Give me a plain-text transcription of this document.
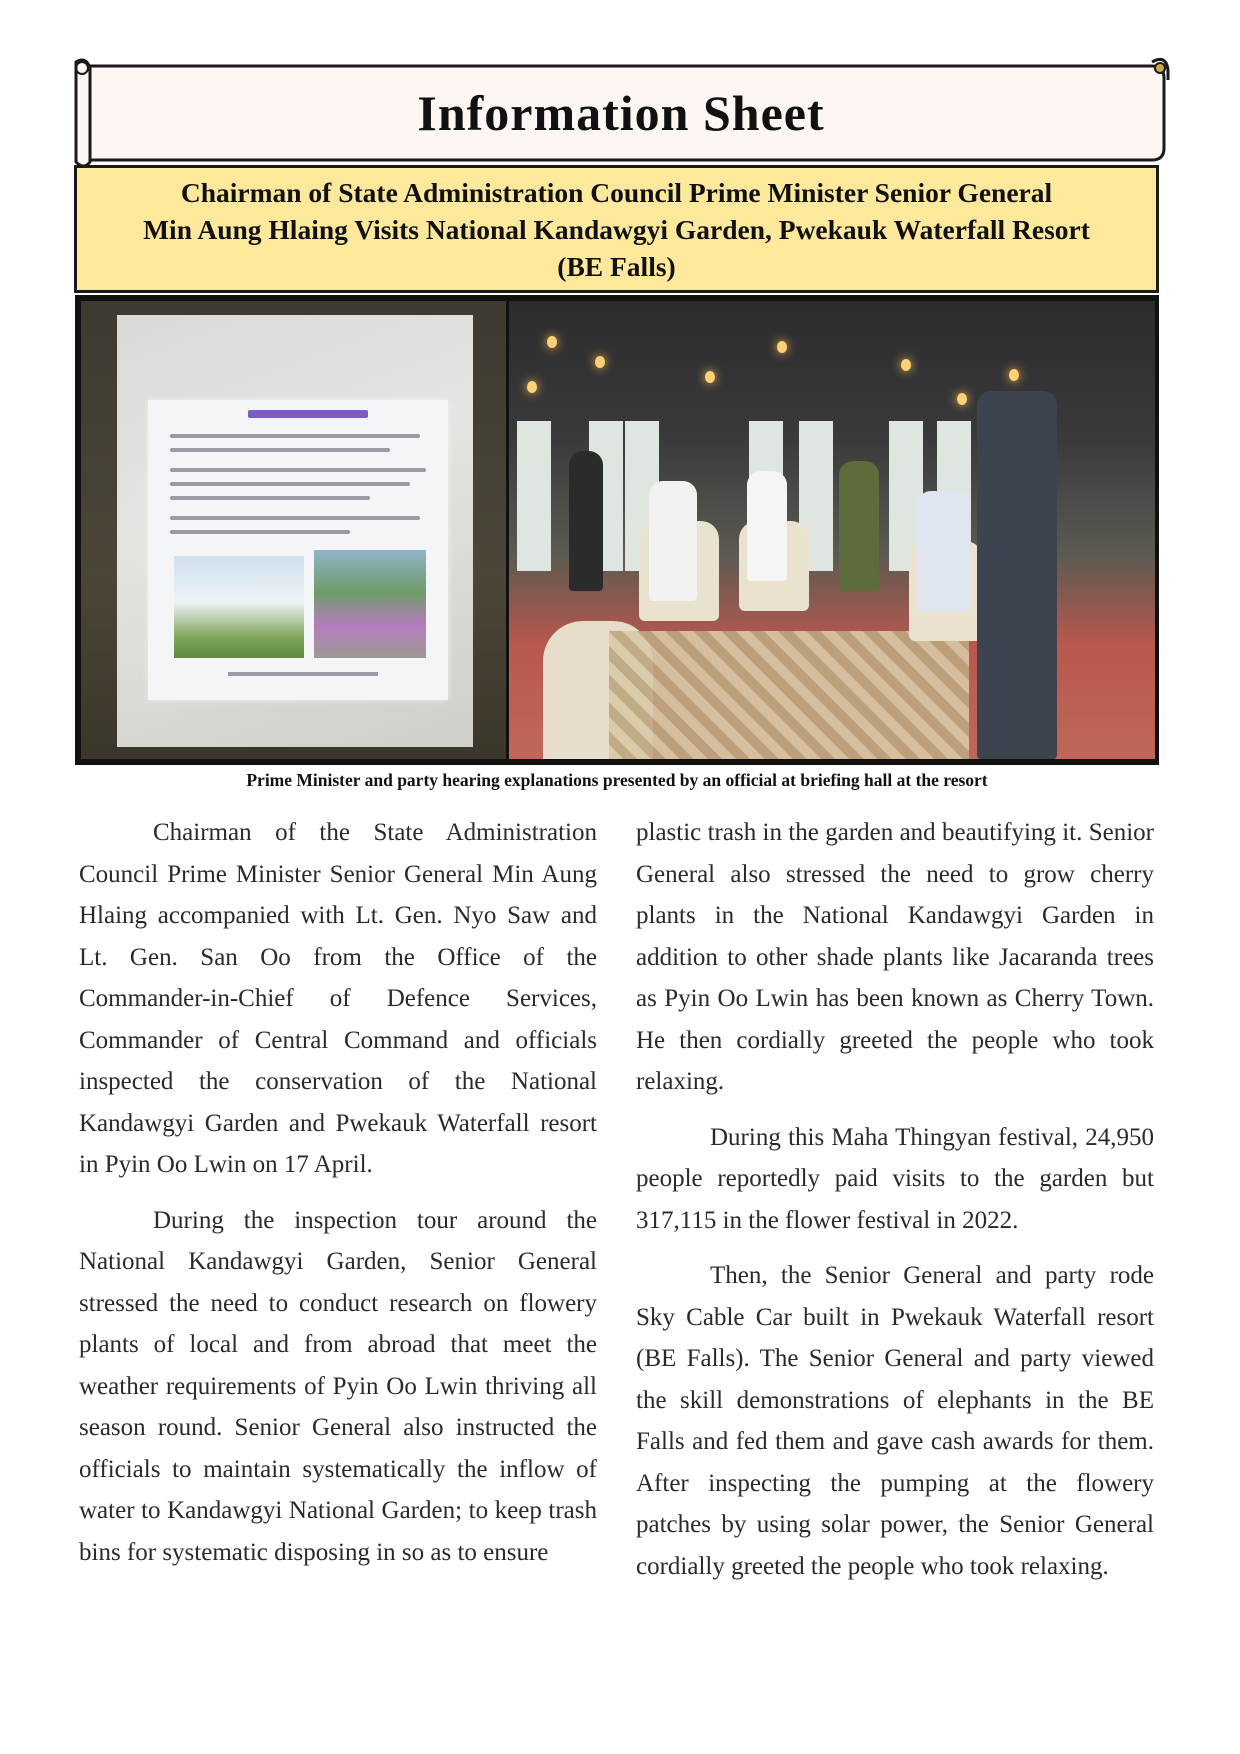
Information Sheet
Chairman of State Administration Council Prime Minister Senior General
Min Aung Hlaing Visits National Kandawgyi Garden, Pwekauk Waterfall Resort
(BE Falls)
Prime Minister and party hearing explanations presented by an official at briefing hall at the resort

Chairman of the State Administration Council Prime Minister Senior General Min Aung Hlaing accompanied with Lt. Gen. Nyo Saw and Lt. Gen. San Oo from the Office of the Commander-in-Chief of Defence Services, Commander of Central Command and officials inspected the conservation of the National Kandawgyi Garden and Pwekauk Waterfall resort in Pyin Oo Lwin on 17 April.

During the inspection tour around the National Kandawgyi Garden, Senior General stressed the need to conduct research on flowery plants of local and from abroad that meet the weather requirements of Pyin Oo Lwin thriving all season round. Senior General also instructed the officials to maintain systematically the inflow of water to Kandawgyi National Garden; to keep trash bins for systematic disposing in so as to ensure

plastic trash in the garden and beautifying it. Senior General also stressed the need to grow cherry plants in the National Kandawgyi Garden in addition to other shade plants like Jacaranda trees as Pyin Oo Lwin has been known as Cherry Town. He then cordially greeted the people who took relaxing.

During this Maha Thingyan festival, 24,950 people reportedly paid visits to the garden but 317,115 in the flower festival in 2022.

Then, the Senior General and party rode Sky Cable Car built in Pwekauk Waterfall resort (BE Falls). The Senior General and party viewed the skill demonstrations of elephants in the BE Falls and fed them and gave cash awards for them. After inspecting the pumping at the flowery patches by using solar power, the Senior General cordially greeted the people who took relaxing.
